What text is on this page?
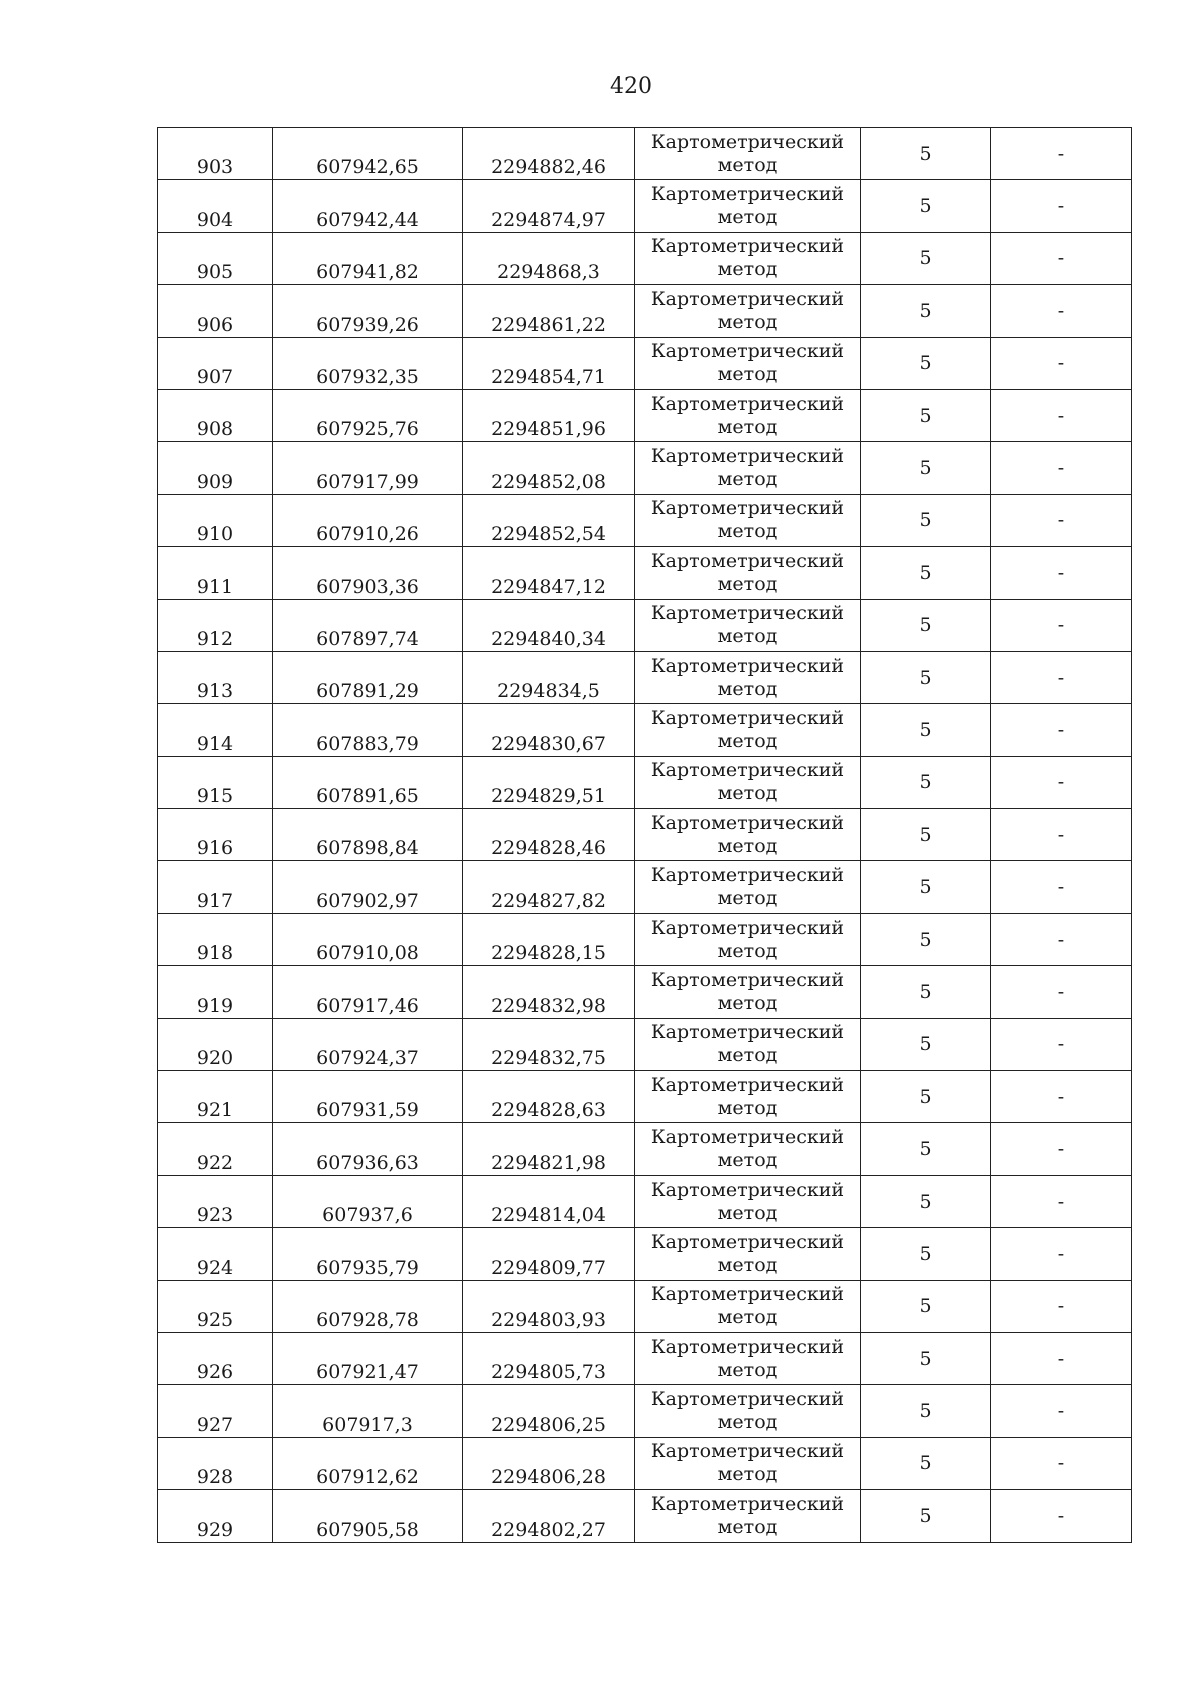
420
903	607942,65	2294882,46	Картометрический
метод	5	-
904	607942,44	2294874,97	Картометрический
метод	5	-
905	607941,82	2294868,3	Картометрический
метод	5	-
906	607939,26	2294861,22	Картометрический
метод	5	-
907	607932,35	2294854,71	Картометрический
метод	5	-
908	607925,76	2294851,96	Картометрический
метод	5	-
909	607917,99	2294852,08	Картометрический
метод	5	-
910	607910,26	2294852,54	Картометрический
метод	5	-
911	607903,36	2294847,12	Картометрический
метод	5	-
912	607897,74	2294840,34	Картометрический
метод	5	-
913	607891,29	2294834,5	Картометрический
метод	5	-
914	607883,79	2294830,67	Картометрический
метод	5	-
915	607891,65	2294829,51	Картометрический
метод	5	-
916	607898,84	2294828,46	Картометрический
метод	5	-
917	607902,97	2294827,82	Картометрический
метод	5	-
918	607910,08	2294828,15	Картометрический
метод	5	-
919	607917,46	2294832,98	Картометрический
метод	5	-
920	607924,37	2294832,75	Картометрический
метод	5	-
921	607931,59	2294828,63	Картометрический
метод	5	-
922	607936,63	2294821,98	Картометрический
метод	5	-
923	607937,6	2294814,04	Картометрический
метод	5	-
924	607935,79	2294809,77	Картометрический
метод	5	-
925	607928,78	2294803,93	Картометрический
метод	5	-
926	607921,47	2294805,73	Картометрический
метод	5	-
927	607917,3	2294806,25	Картометрический
метод	5	-
928	607912,62	2294806,28	Картометрический
метод	5	-
929	607905,58	2294802,27	Картометрический
метод	5	-
